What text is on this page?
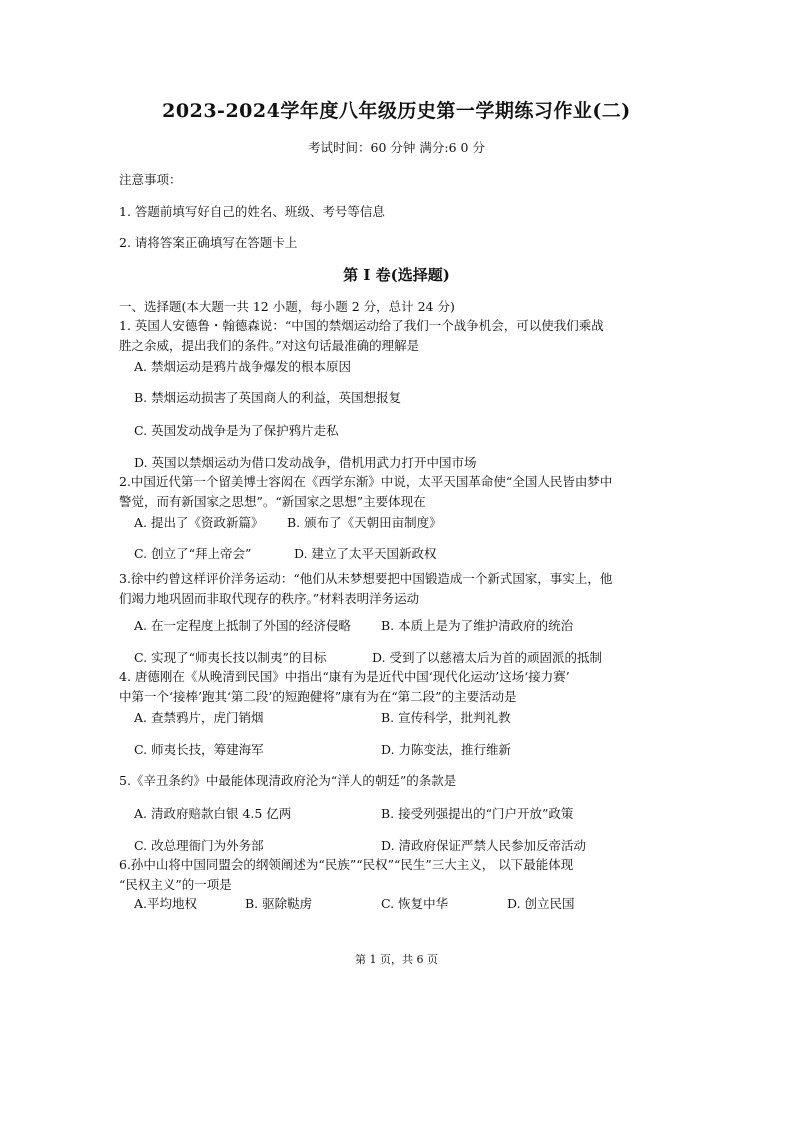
2023-2024学年度八年级历史第一学期练习作业(二)
考试时间：60 分钟 满分:6 0 分
注意事项：
1. 答题前填写好自己的姓名、班级、考号等信息
2. 请将答案正确填写在答题卡上
第 Ⅰ 卷(选择题)
一、选择题(本大题一共 12 小题，每小题 2 分，总计 24 分)
1. 英国人安德鲁・翰德森说：“中国的禁烟运动给了我们一个战争机会，可以使我们乘战
胜之余威，提出我们的条件。”对这句话最准确的理解是
A. 禁烟运动是鸦片战争爆发的根本原因
B. 禁烟运动损害了英国商人的利益，英国想报复
C. 英国发动战争是为了保护鸦片走私
D. 英国以禁烟运动为借口发动战争，借机用武力打开中国市场
2.中国近代第一个留美博士容闳在《西学东渐》中说，太平天国革命使“全国人民皆由梦中
警觉，而有新国家之思想”。“新国家之思想”主要体现在
A. 提出了《资政新篇》 B. 颁布了《天朝田亩制度》
C. 创立了“拜上帝会”	D. 建立了太平天国新政权
3.徐中约曾这样评价洋务运动：“他们从未梦想要把中国锻造成一个新式国家，事实上，他
们竭力地巩固而非取代现存的秩序。”材料表明洋务运动
A. 在一定程度上抵制了外国的经济侵略 B. 本质上是为了维护清政府的统治
C. 实现了“师夷长技以制夷”的目标	D. 受到了以慈禧太后为首的顽固派的抵制
4. 唐德刚在《从晚清到民国》中指出“康有为是近代中国‘现代化运动’这场‘接力赛’
中第一个‘接棒’跑其‘第二段’的短跑健将”康有为在“第二段”的主要活动是
A. 查禁鸦片，虎门销烟	B. 宣传科学，批判礼教
C. 师夷长技，筹建海军	D. 力陈变法，推行维新
5.《辛丑条约》中最能体现清政府沦为“洋人的朝廷”的条款是
A. 清政府赔款白银 4.5 亿两	B. 接受列强提出的“门户开放”政策
C. 改总理衙门为外务部	D. 清政府保证严禁人民参加反帝活动
6.孙中山将中国同盟会的纲领阐述为“民族”“民权”“民生”三大主义， 以下最能体现
“民权主义”的一项是
A.平均地权	B. 驱除鞑虏	C. 恢复中华	D. 创立民国
第 1 页，共 6 页
